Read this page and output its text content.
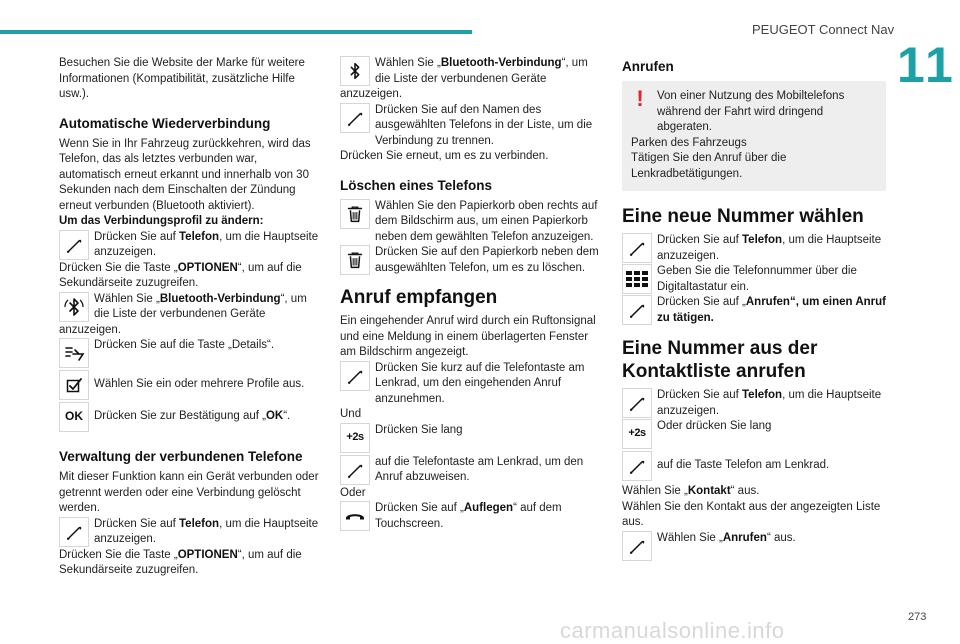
PEUGEOT Connect Nav
11

Besuchen Sie die Website der Marke für weitere Informationen (Kompatibilität, zusätzliche Hilfe usw.).

Automatische Wiederverbindung

Wenn Sie in Ihr Fahrzeug zurückkehren, wird das Telefon, das als letztes verbunden war, automatisch erneut erkannt und innerhalb von 30 Sekunden nach dem Einschalten der Zündung erneut verbunden (Bluetooth aktiviert).

Um das Verbindungsprofil zu ändern:

Drücken Sie auf Telefon, um die Hauptseite anzuzeigen.

Drücken Sie die Taste „OPTIONEN“, um auf die Sekundärseite zuzugreifen.

Wählen Sie „Bluetooth-Verbindung“, um die Liste der verbundenen Geräte

anzuzeigen.

Drücken Sie auf die Taste „Details“.
Wählen Sie ein oder mehrere Profile aus.
OK Drücken Sie zur Bestätigung auf „OK“.
Verwaltung der verbundenen Telefone

Mit dieser Funktion kann ein Gerät verbunden oder getrennt werden oder eine Verbindung gelöscht werden.

Drücken Sie auf Telefon, um die Hauptseite anzuzeigen.

Drücken Sie die Taste „OPTIONEN“, um auf die Sekundärseite zuzugreifen.

Wählen Sie „Bluetooth-Verbindung“, um die Liste der verbundenen Geräte

anzuzeigen.

Drücken Sie auf den Namen des ausgewählten Telefons in der Liste, um die Verbindung zu trennen.

Drücken Sie erneut, um es zu verbinden.

Löschen eines Telefons
Wählen Sie den Papierkorb oben rechts auf dem Bildschirm aus, um einen Papierkorb neben dem gewählten Telefon anzuzeigen.
Drücken Sie auf den Papierkorb neben dem ausgewählten Telefon, um es zu löschen.
Anruf empfangen

Ein eingehender Anruf wird durch ein Ruftonsignal und eine Meldung in einem überlagerten Fenster am Bildschirm angezeigt.

Drücken Sie kurz auf die Telefontaste am Lenkrad, um den eingehenden Anruf anzunehmen.

Und

+2s
Drücken Sie lang
auf die Telefontaste am Lenkrad, um den Anruf abzuweisen.

Oder

Drücken Sie auf „Auflegen“ auf dem Touchscreen.
Anrufen
!	Von einer Nutzung des Mobiltelefons während der Fahrt wird dringend abgeraten.

Parken des Fahrzeugs

Tätigen Sie den Anruf über die Lenkradbetätigungen.

Eine neue Nummer wählen
Drücken Sie auf Telefon, um die Hauptseite anzuzeigen.
Geben Sie die Telefonnummer über die Digitaltastatur ein.
Drücken Sie auf „Anrufen“, um einen Anruf zu tätigen.
Eine Nummer aus der Kontaktliste anrufen
Drücken Sie auf Telefon, um die Hauptseite anzuzeigen.
+2s
Oder drücken Sie lang
auf die Taste Telefon am Lenkrad.

Wählen Sie „Kontakt“ aus.

Wählen Sie den Kontakt aus der angezeigten Liste aus.

Wählen Sie „Anrufen“ aus.
carmanualsonline.info
273
